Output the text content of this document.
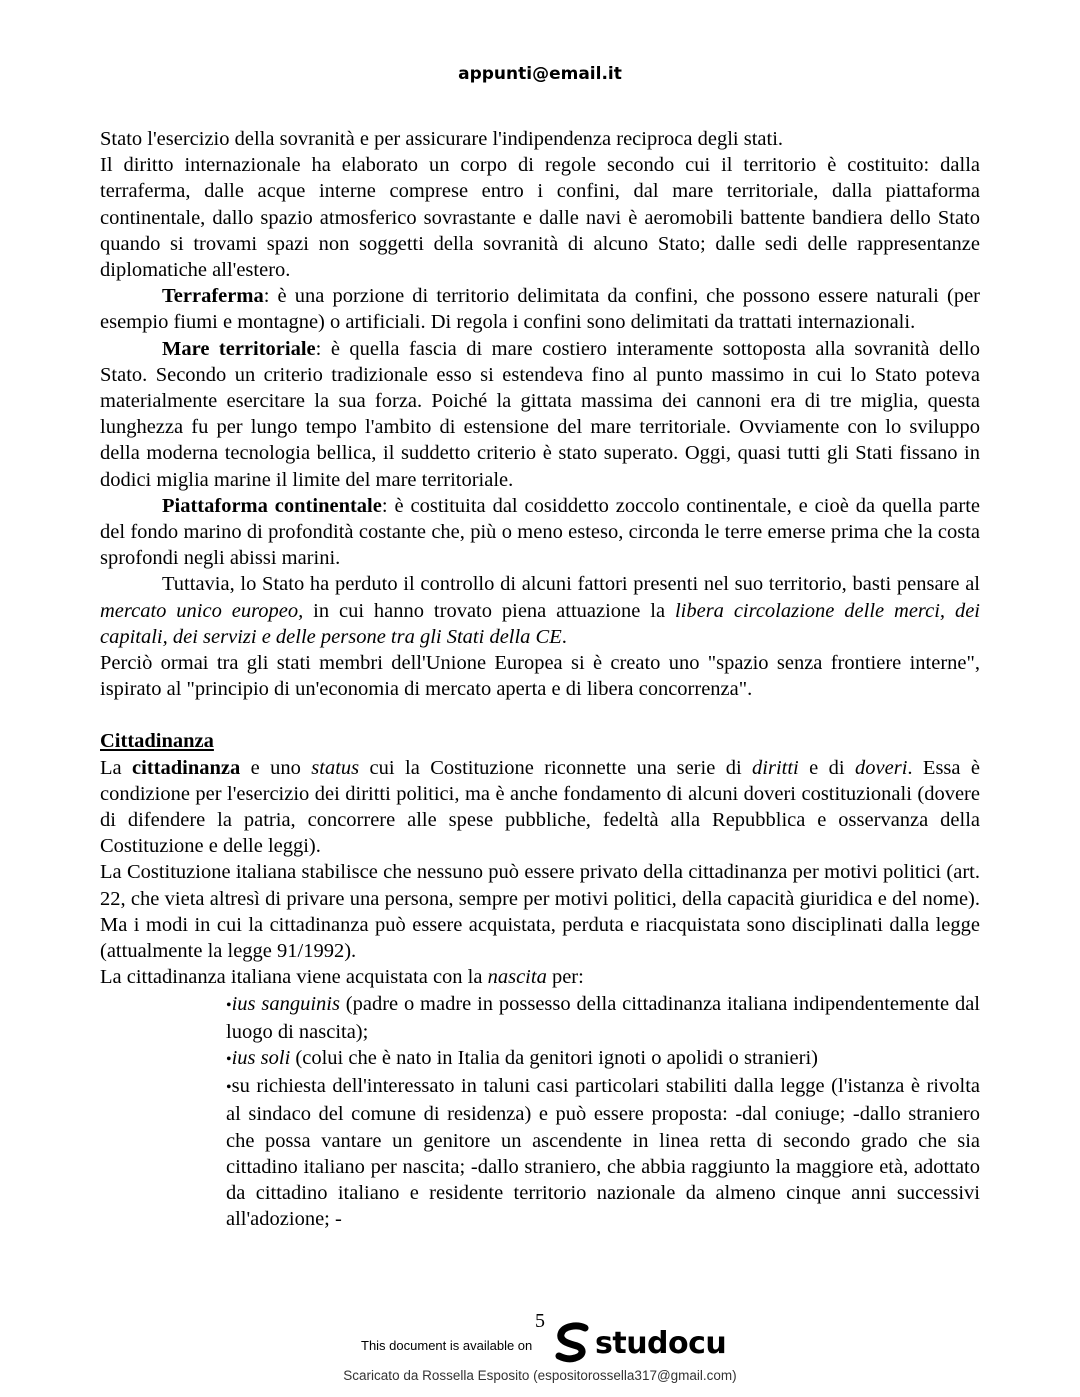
appunti@email.it

Stato l'esercizio della sovranità e per assicurare l'indipendenza reciproca degli stati.

Il diritto internazionale ha elaborato un corpo di regole secondo cui il territorio è costituito: dalla terraferma, dalle acque interne comprese entro i confini, dal mare territoriale, dalla piattaforma continentale, dallo spazio atmosferico sovrastante e dalle navi è aeromobili battente bandiera dello Stato quando si trovami spazi non soggetti della sovranità di alcuno Stato; dalle sedi delle rappresentanze diplomatiche all'estero.

Terraferma: è una porzione di territorio delimitata da confini, che possono essere naturali (per esempio fiumi e montagne) o artificiali. Di regola i confini sono delimitati da trattati internazionali.

Mare territoriale: è quella fascia di mare costiero interamente sottoposta alla sovranità dello Stato. Secondo un criterio tradizionale esso si estendeva fino al punto massimo in cui lo Stato poteva materialmente esercitare la sua forza. Poiché la gittata massima dei cannoni era di tre miglia, questa lunghezza fu per lungo tempo l'ambito di estensione del mare territoriale. Ovviamente con lo sviluppo della moderna tecnologia bellica, il suddetto criterio è stato superato. Oggi, quasi tutti gli Stati fissano in dodici miglia marine il limite del mare territoriale.

Piattaforma continentale: è costituita dal cosiddetto zoccolo continentale, e cioè da quella parte del fondo marino di profondità costante che, più o meno esteso, circonda le terre emerse prima che la costa sprofondi negli abissi marini.

Tuttavia, lo Stato ha perduto il controllo di alcuni fattori presenti nel suo territorio, basti pensare al mercato unico europeo, in cui hanno trovato piena attuazione la libera circolazione delle merci, dei capitali, dei servizi e delle persone tra gli Stati della CE.

Perciò ormai tra gli stati membri dell'Unione Europea si è creato uno "spazio senza frontiere interne", ispirato al "principio di un'economia di mercato aperta e di libera concorrenza".

Cittadinanza

La cittadinanza e uno status cui la Costituzione riconnette una serie di diritti e di doveri. Essa è condizione per l'esercizio dei diritti politici, ma è anche fondamento di alcuni doveri costituzionali (dovere di difendere la patria, concorrere alle spese pubbliche, fedeltà alla Repubblica e osservanza della Costituzione e delle leggi).

La Costituzione italiana stabilisce che nessuno può essere privato della cittadinanza per motivi politici (art. 22, che vieta altresì di privare una persona, sempre per motivi politici, della capacità giuridica e del nome). Ma i modi in cui la cittadinanza può essere acquistata, perduta e riacquistata sono disciplinati dalla legge (attualmente la legge 91/1992).

La cittadinanza italiana viene acquistata con la nascita per:

•ius sanguinis (padre o madre in possesso della cittadinanza italiana indipendentemente dal luogo di nascita);
•ius soli (colui che è nato in Italia da genitori ignoti o apolidi o stranieri)
•su richiesta dell'interessato in taluni casi particolari stabiliti dalla legge (l'istanza è rivolta al sindaco del comune di residenza) e può essere proposta: -dal coniuge; -dallo straniero che possa vantare un genitore un ascendente in linea retta di secondo grado che sia cittadino italiano per nascita; -dallo straniero, che abbia raggiunto la maggiore età, adottato da cittadino italiano e residente territorio nazionale da almeno cinque anni successivi all'adozione; -
5
This document is available on studocu
Scaricato da Rossella Esposito (espositorossella317@gmail.com)
